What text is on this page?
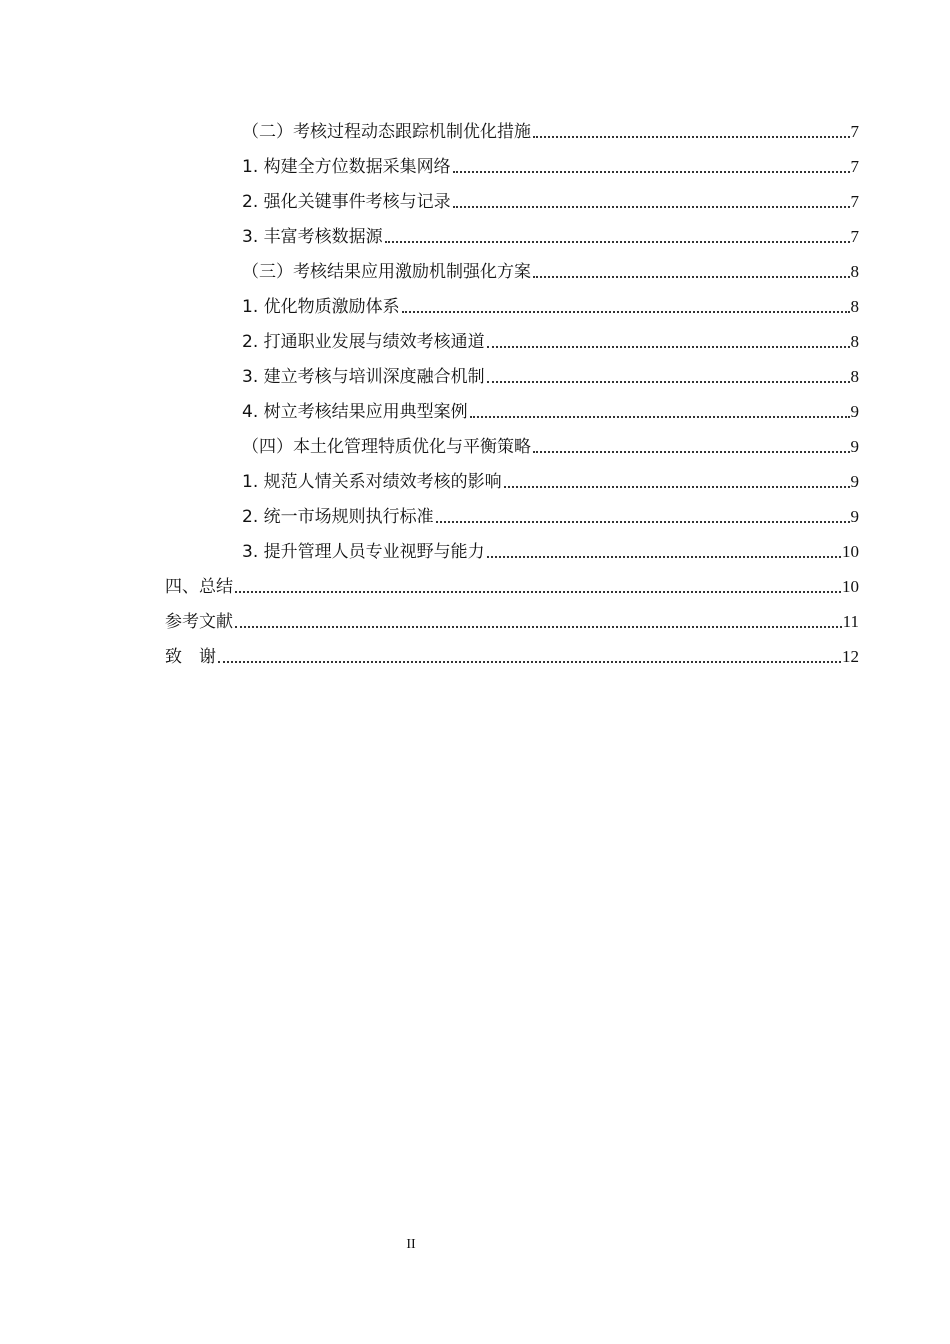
（二）考核过程动态跟踪机制优化措施	7
1. 构建全方位数据采集网络	7
2. 强化关键事件考核与记录	7
3. 丰富考核数据源	7
（三）考核结果应用激励机制强化方案	8
1. 优化物质激励体系	8
2. 打通职业发展与绩效考核通道	8
3. 建立考核与培训深度融合机制	8
4. 树立考核结果应用典型案例	9
（四）本土化管理特质优化与平衡策略	9
1. 规范人情关系对绩效考核的影响	9
2. 统一市场规则执行标准	9
3. 提升管理人员专业视野与能力	10
四、总结	10
参考文献	11
致　谢	12
II
